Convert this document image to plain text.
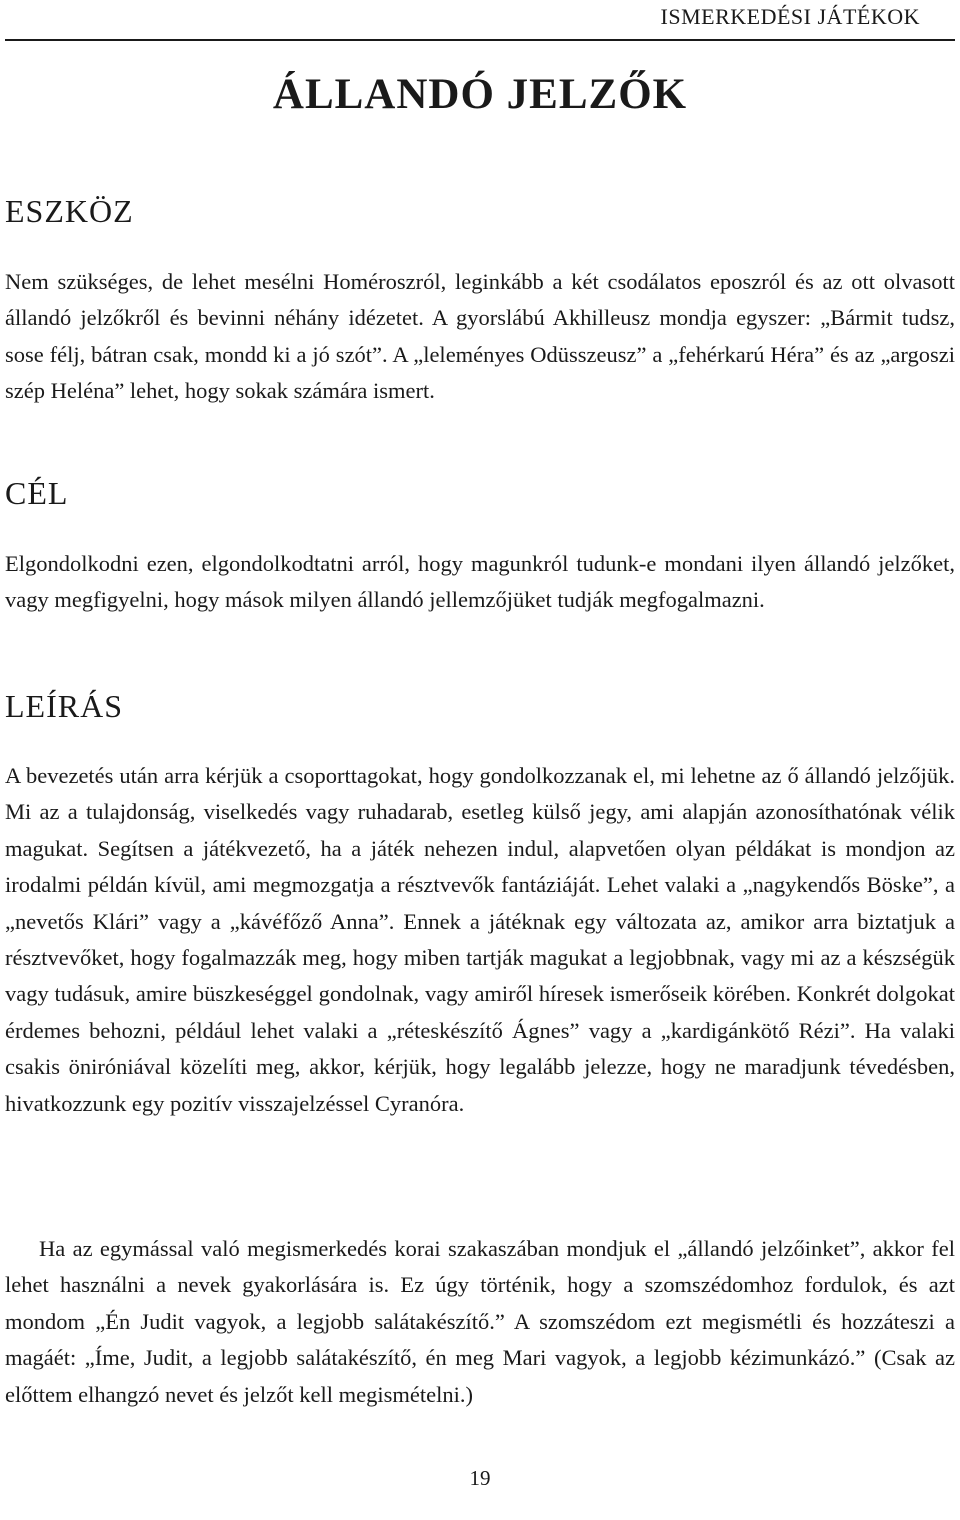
ISMERKEDÉSI JÁTÉKOK
ÁLLANDÓ JELZŐK
ESZKÖZ

Nem szükséges, de lehet mesélni Homéroszról, leginkább a két csodálatos eposzról és az ott olvasott állandó jelzőkről és bevinni néhány idézetet. A gyorslábú Akhilleusz mondja egyszer: „Bármit tudsz, sose félj, bátran csak, mondd ki a jó szót”. A „leleményes Odüsszeusz” a „fehérkarú Héra” és az „argoszi szép Heléna” lehet, hogy sokak számára ismert.

CÉL

Elgondolkodni ezen, elgondolkodtatni arról, hogy magunkról tudunk-e mondani ilyen állandó jelzőket, vagy megfigyelni, hogy mások milyen állandó jellemzőjüket tudják megfogalmazni.

LEÍRÁS

A bevezetés után arra kérjük a csoporttagokat, hogy gondolkozzanak el, mi lehetne az ő állandó jelzőjük. Mi az a tulajdonság, viselkedés vagy ruhadarab, esetleg külső jegy, ami alapján azonosíthatónak vélik magukat. Segítsen a játékvezető, ha a játék nehezen indul, alapvetően olyan példákat is mondjon az irodalmi példán kívül, ami megmozgatja a résztvevők fantáziáját. Lehet valaki a „nagykendős Böske”, a „nevetős Klári” vagy a „kávéfőző Anna”. Ennek a játéknak egy változata az, amikor arra biztatjuk a résztvevőket, hogy fogalmazzák meg, hogy miben tartják magukat a legjobbnak, vagy mi az a készségük vagy tudásuk, amire büszkeséggel gondolnak, vagy amiről híresek ismerőseik körében. Konkrét dolgokat érdemes behozni, például lehet valaki a „réteskészítő Ágnes” vagy a „kardigánkötő Rézi”. Ha valaki csakis öniróniával közelíti meg, akkor, kérjük, hogy legalább jelezze, hogy ne maradjunk tévedésben, hivatkozzunk egy pozitív visszajelzéssel Cyranóra.

Ha az egymással való megismerkedés korai szakaszában mondjuk el „állandó jelzőinket”, akkor fel lehet használni a nevek gyakorlására is. Ez úgy történik, hogy a szomszédomhoz fordulok, és azt mondom „Én Judit vagyok, a legjobb salátakészítő.” A szomszédom ezt megismétli és hozzáteszi a magáét: „Íme, Judit, a legjobb salátakészítő, én meg Mari vagyok, a legjobb kézimunkázó.” (Csak az előttem elhangzó nevet és jelzőt kell megismételni.)

19
